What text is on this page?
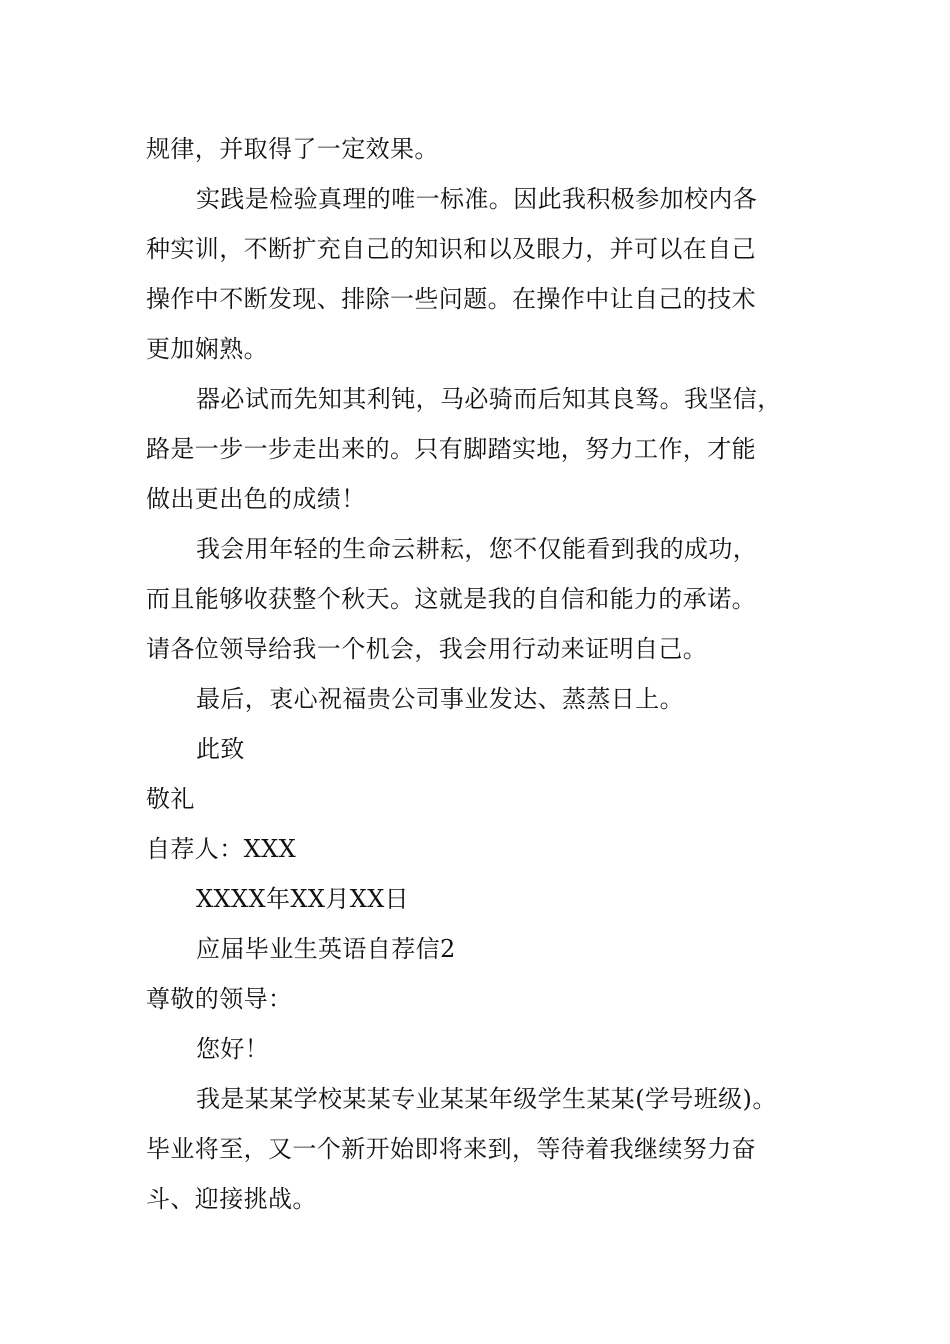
规律，并取得了一定效果。
实践是检验真理的唯一标准。因此我积极参加校内各
种实训，不断扩充自己的知识和以及眼力，并可以在自己
操作中不断发现、排除一些问题。在操作中让自己的技术
更加娴熟。
器必试而先知其利钝，马必骑而后知其良驽。我坚信，
路是一步一步走出来的。只有脚踏实地，努力工作，才能
做出更出色的成绩！
我会用年轻的生命云耕耘，您不仅能看到我的成功，
而且能够收获整个秋天。这就是我的自信和能力的承诺。
请各位领导给我一个机会，我会用行动来证明自己。
最后，衷心祝福贵公司事业发达、蒸蒸日上。
此致
敬礼
自荐人：XXX
XXXX年XX月XX日
应届毕业生英语自荐信2
尊敬的领导：
您好！
我是某某学校某某专业某某年级学生某某(学号班级)。
毕业将至，又一个新开始即将来到，等待着我继续努力奋
斗、迎接挑战。
